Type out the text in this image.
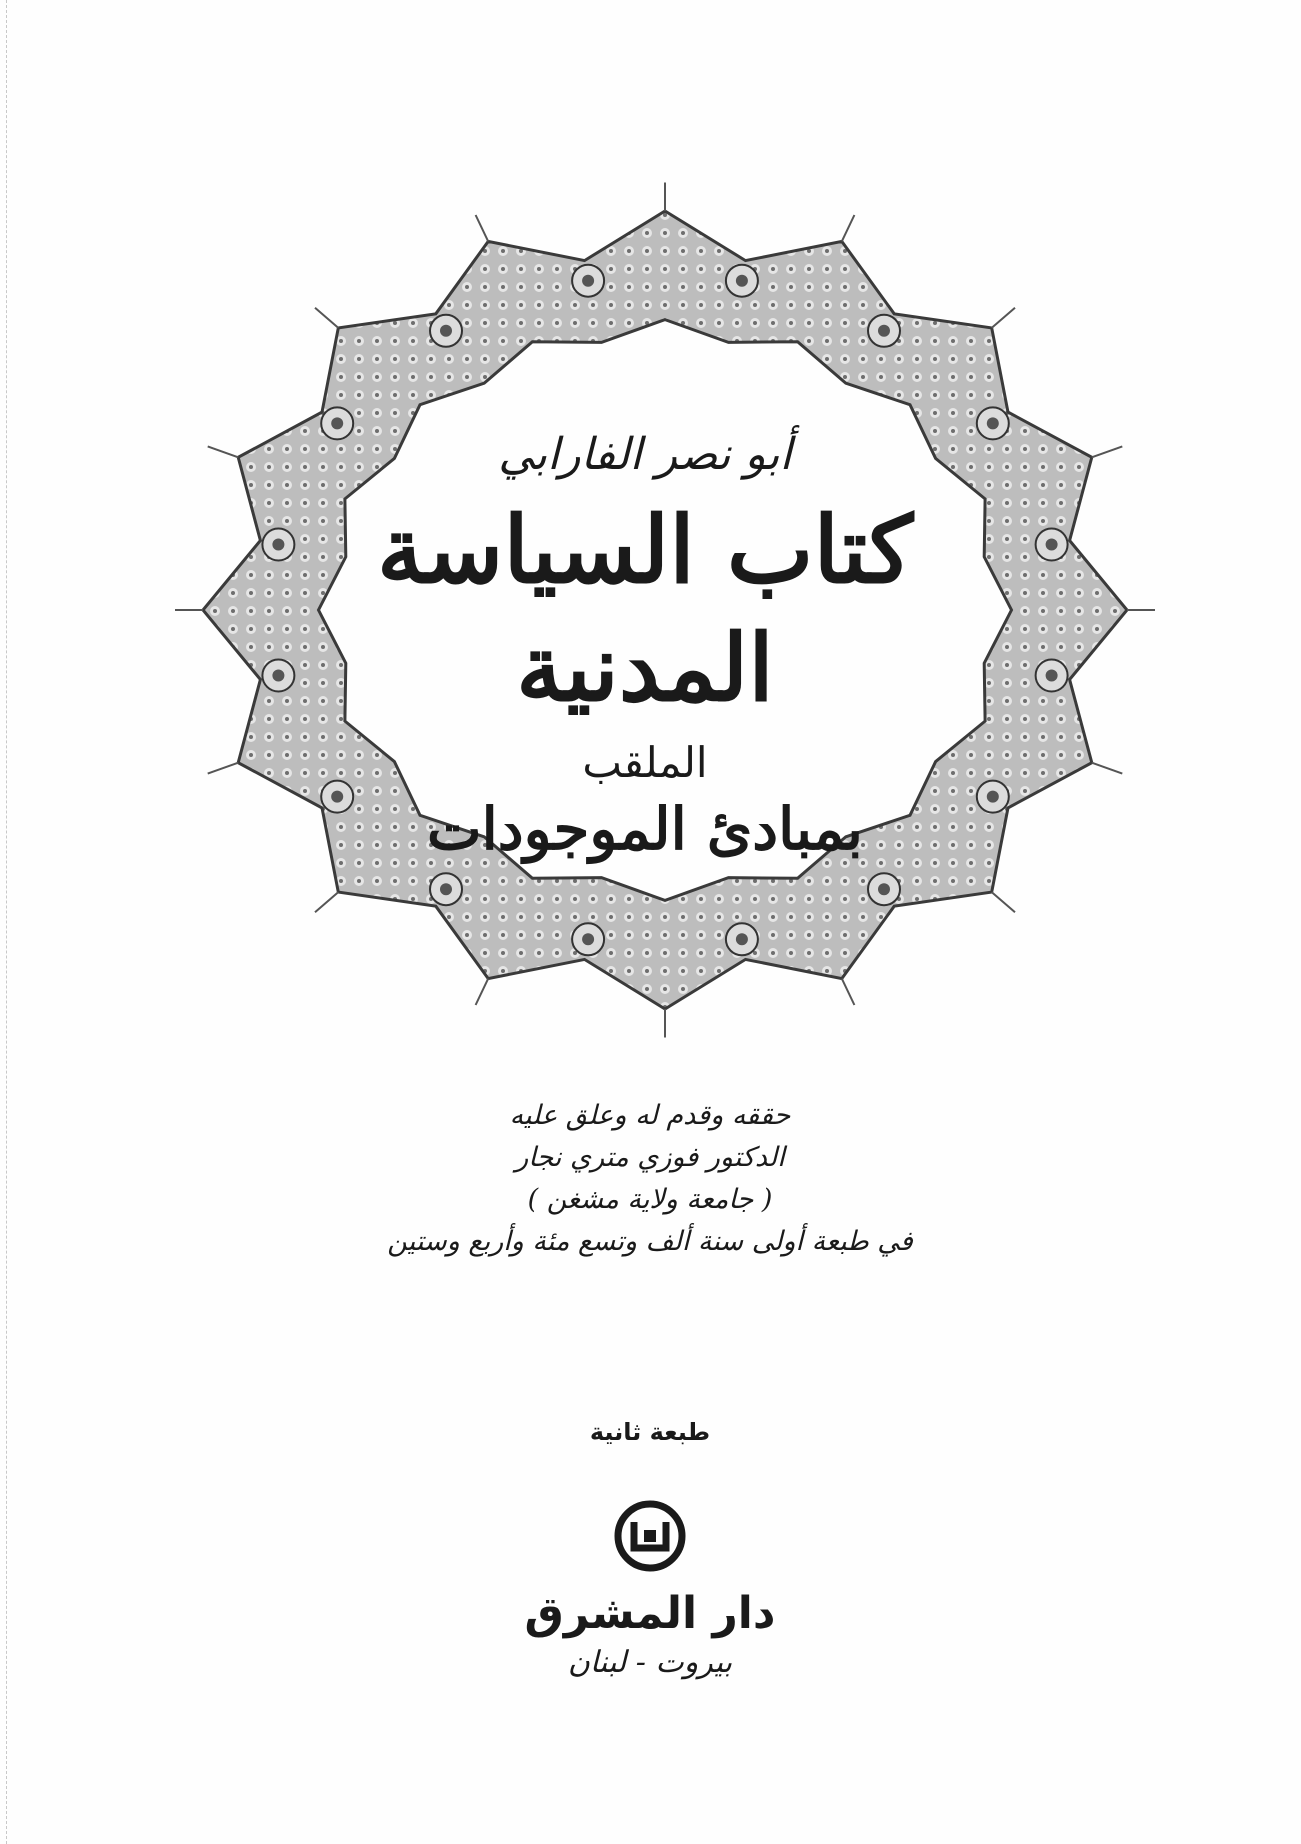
أبو نصر الفارابي

كتاب السياسة المدنية

الملقب

بمبادئ الموجودات

حققه وقدم له وعلق عليه

الدكتور فوزي متري نجار

( جامعة ولاية مشغن )

في طبعة أولى سنة ألف وتسع مئة وأربع وستين

طبعة ثانية

دار المشرق

بيروت - لبنان
